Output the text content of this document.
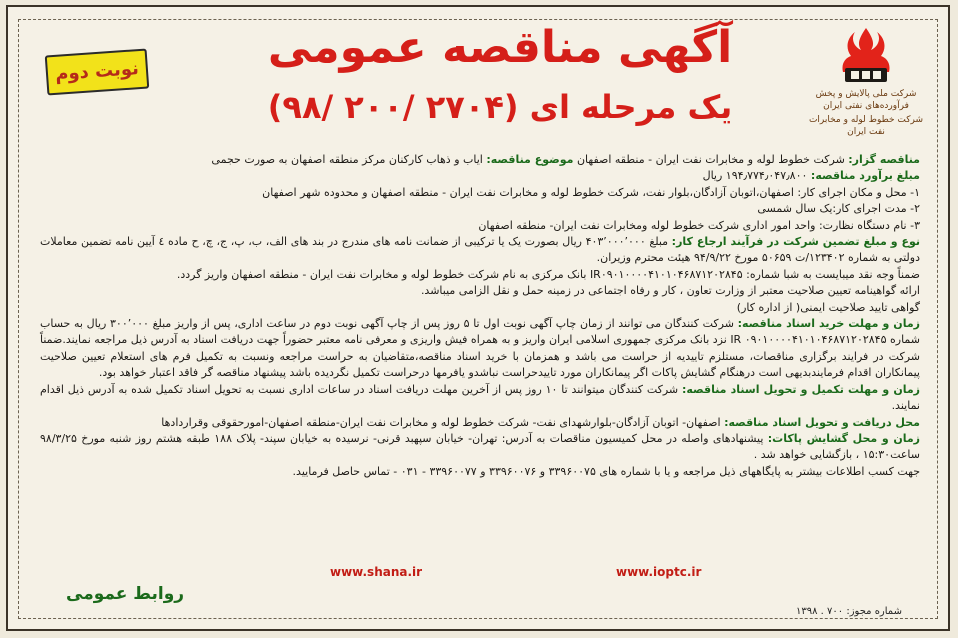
شرکت ملی پالایش و پخش فرآورده‌های نفتی ایران
شرکت خطوط لوله و مخابرات نفت ایران
نوبت دوم	آگهی مناقصه عمومی
یک مرحله ای (۲۷۰۴ /۲۰۰ /۹۸)

مناقصه گزار: شرکت خطوط لوله و مخابرات نفت ایران - منطقه اصفهان موضوع مناقصه: ایاب و ذهاب کارکنان مرکز منطقه اصفهان به صورت حجمی

مبلغ برآورد مناقصه: ۱۹۴٫۷۷۴٫۰۴۷٫۸۰۰ ریال

۱- محل و مکان اجرای کار: اصفهان،اتوبان آزادگان،بلوار نفت، شرکت خطوط لوله و مخابرات نفت ایران - منطقه اصفهان و محدوده شهر اصفهان

۲- مدت اجرای کار:یک سال شمسی

۳- نام دستگاه نظارت: واحد امور اداری شرکت خطوط لوله ومخابرات نفت ایران- منطقه اصفهان

نوع و مبلغ تضمین شرکت در فرآیند ارجاع کار: مبلغ ۴۰۳٬۰۰۰٬۰۰۰ ریال بصورت یک یا ترکیبی از ضمانت نامه های مندرج در بند های الف، ب، پ، ج، چ، ح ماده ٤ آیین نامه تضمین معاملات دولتی به شماره ۱۲۳۴۰۲/ت ۵۰۶۵۹ مورخ ۹۴/۹/۲۲ هیئت محترم وزیران.

ضمناً وجه نقد میبایست به شبا شماره: IR۰۹۰۱۰۰۰۰۴۱۰۱۰۴۶۸۷۱۲۰۲۸۴۵ بانک مرکزی به نام شرکت خطوط لوله و مخابرات نفت ایران - منطقه اصفهان واریز گردد.

ارائه گواهینامه تعیین صلاحیت معتبر از وزارت تعاون ، کار و رفاه اجتماعی در زمینه حمل و نقل الزامی میباشد.

گواهی تایید صلاحیت ایمنی( از اداره کار)

زمان و مهلت خرید اسناد مناقصه: شرکت کنندگان می توانند از زمان چاپ آگهی نوبت اول تا ۵ روز پس از چاپ آگهی نوبت دوم در ساعت اداری، پس از واریز مبلغ ۳۰۰٬۰۰۰ ریال به حساب شماره IR ۰۹۰۱۰۰۰۰۴۱۰۱۰۴۶۸۷۱۲۰۲۸۴۵ نزد بانک مرکزی جمهوری اسلامی ایران واریز و به همراه فیش واریزی و معرفی نامه معتبر حضوراً جهت دریافت اسناد به آدرس ذیل مراجعه نمایند.ضمناً شرکت در فرایند برگزاری مناقصات، مستلزم تاییدیه از حراست می باشد و همزمان با خرید اسناد مناقصه،متقاضیان به حراست مراجعه ونسبت به تکمیل فرم های استعلام تعیین صلاحیت پیمانکاران اقدام فرمایندبدیهی است درهنگام گشایش پاکات اگر پیمانکاران مورد تاییدحراست نباشدو یافرمها درحراست تکمیل نگردیده باشد پیشنهاد مناقصه گر فاقد اعتبار خواهد بود.

زمان و مهلت تکمیل و تحویل اسناد مناقصه: شرکت کنندگان میتوانند تا ۱۰ روز پس از آخرین مهلت دریافت اسناد در ساعات اداری نسبت به تحویل اسناد تکمیل شده به آدرس ذیل اقدام نمایند.

محل دریافت و تحویل اسناد مناقصه: اصفهان- اتوبان آزادگان-بلوارشهدای نفت- شرکت خطوط لوله و مخابرات نفت ایران-منطقه اصفهان-امورحقوقی وقراردادها

زمان و محل گشایش پاکات: پیشنهادهای واصله در محل کمیسیون مناقصات به آدرس: تهران- خیابان سپهبد قرنی- نرسیده به خیابان سپند- پلاک ۱۸۸ طبقه هشتم روز شنبه مورخ ۹۸/۳/۲۵ ساعت۱۵:۳۰ ، بازگشایی خواهد شد .

جهت کسب اطلاعات بیشتر به پایگاههای ذیل مراجعه و یا با شماره های ۳۳۹۶۰۰۷۵ و ۳۳۹۶۰۰۷۶ و ۳۳۹۶۰۰۷۷ - ۰۳۱ - تماس حاصل فرمایید.

www.shana.ir	www.ioptc.ir
روابط عمومی
شماره مجوز: ۷۰۰ . ۱۳۹۸
